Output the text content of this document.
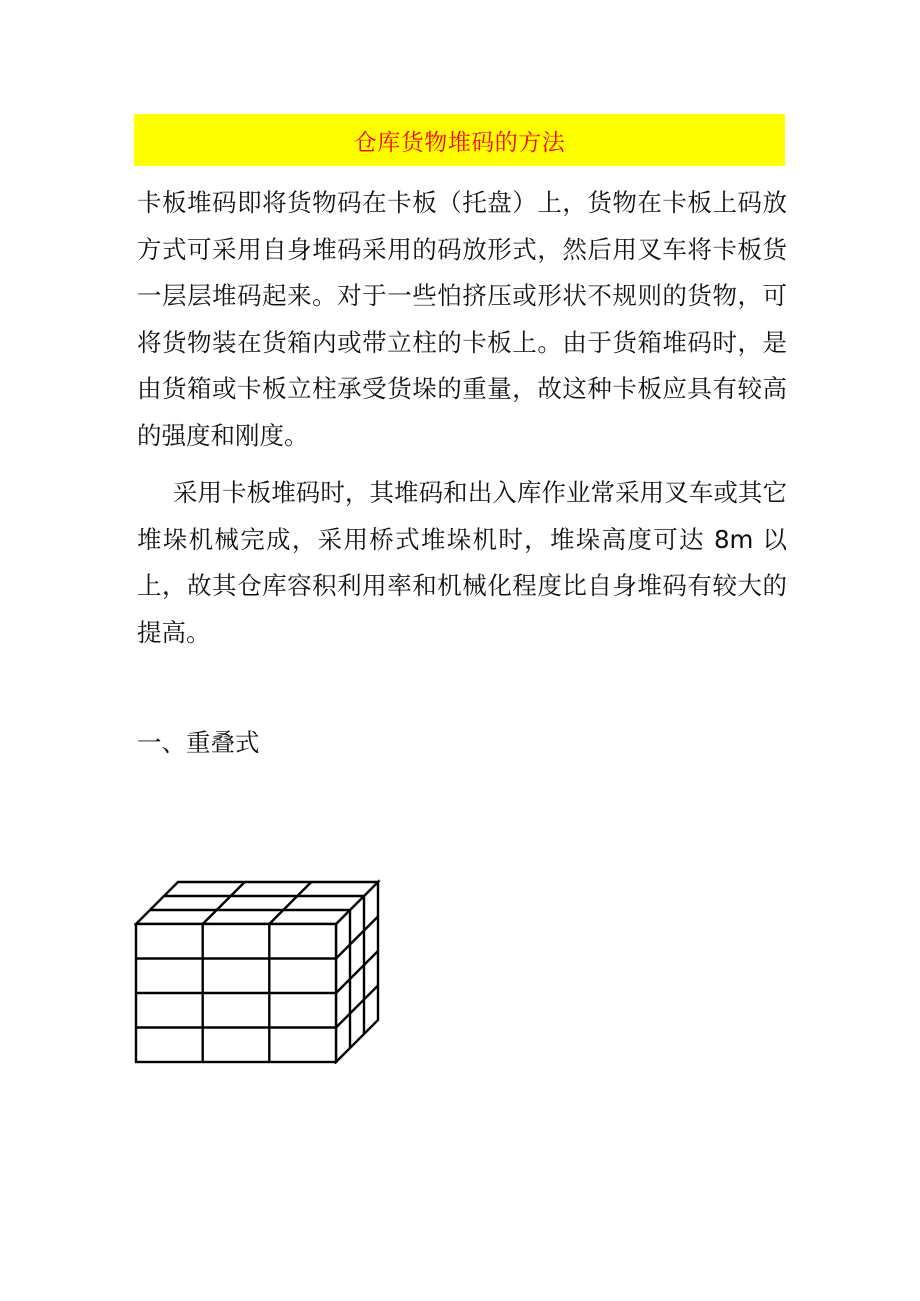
仓库货物堆码的方法

卡板堆码即将货物码在卡板（托盘）上，货物在卡板上码放方式可采用自身堆码采用的码放形式，然后用叉车将卡板货一层层堆码起来。对于一些怕挤压或形状不规则的货物，可将货物装在货箱内或带立柱的卡板上。由于货箱堆码时，是由货箱或卡板立柱承受货垛的重量，故这种卡板应具有较高的强度和刚度。

采用卡板堆码时，其堆码和出入库作业常采用叉车或其它堆垛机械完成，采用桥式堆垛机时，堆垛高度可达 8m 以上，故其仓库容积利用率和机械化程度比自身堆码有较大的提高。

一、重叠式
